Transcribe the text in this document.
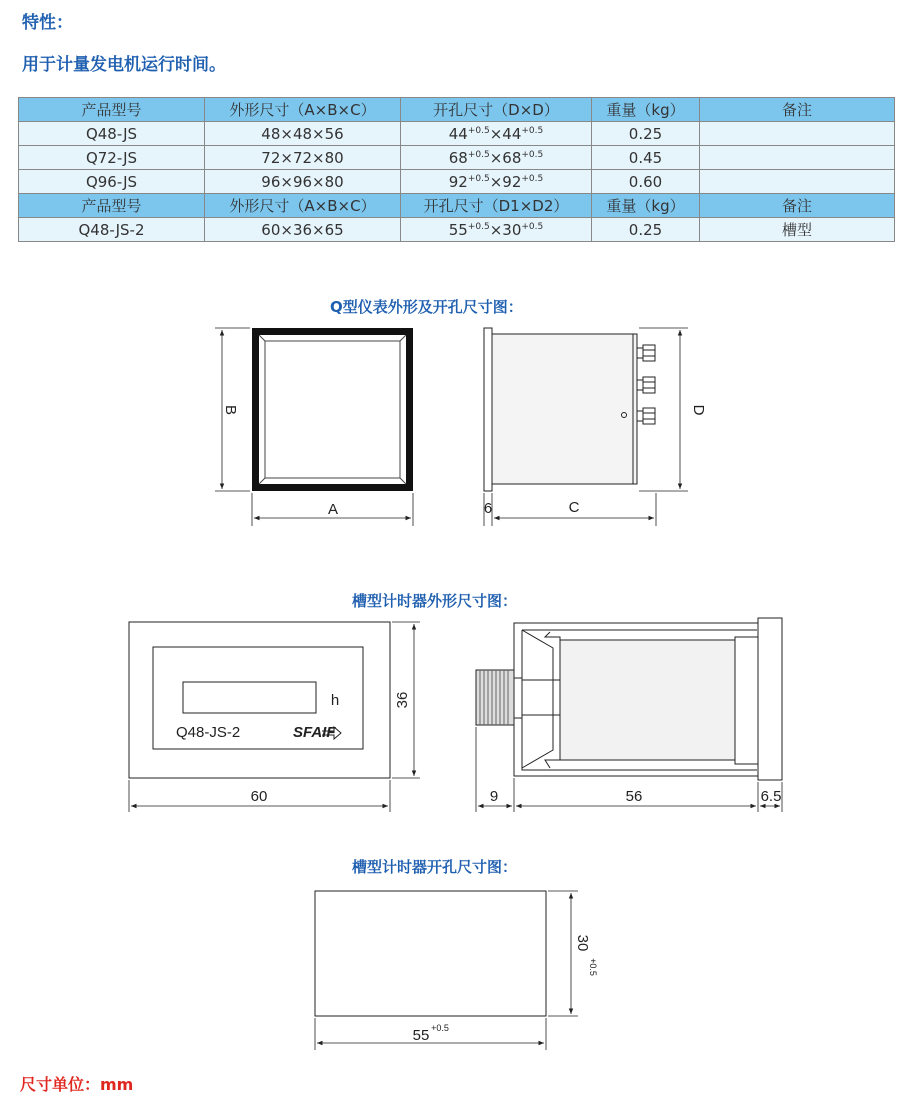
特性：
用于计量发电机运行时间。
产品型号	外形尺寸（A×B×C）	开孔尺寸（D×D）	重量（kg）	备注
Q48-JS	48×48×56	$44^{+0.5}\times 44^{+0.5}$	0.25	
Q72-JS	72×72×80	$68^{+0.5}\times 68^{+0.5}$	0.45	
Q96-JS	96×96×80	$92^{+0.5}\times 92^{+0.5}$	0.60	
产品型号	外形尺寸（A×B×C）	开孔尺寸（D1×D2）	重量（kg）	备注
Q48-JS-2	60×36×65	$55^{+0.5}\times 30^{+0.5}$	0.25	槽型
Q型仪表外形及开孔尺寸图：
槽型计时器外形尺寸图：
槽型计时器开孔尺寸图：
尺寸单位：mm
B
A
D
C
6
h
Q48-JS-2	SFAIF
36
60	9	56	6.5
30
+0.5
55 +0.5
